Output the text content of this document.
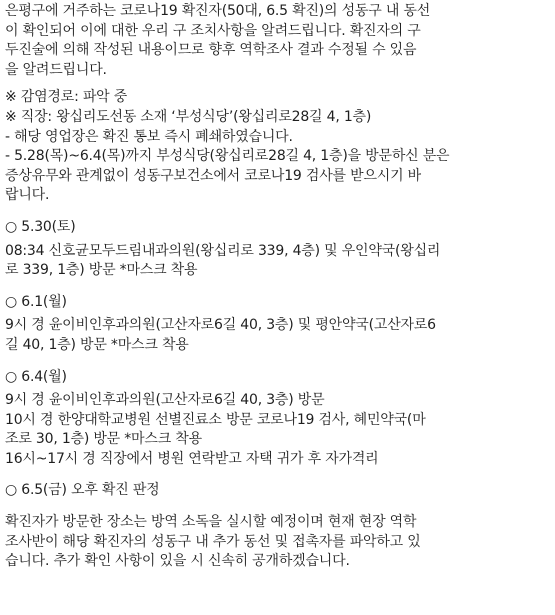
은평구에 거주하는 코로나19 확진자(50대, 6.5 확진)의 성동구 내 동선
이 확인되어 이에 대한 우리 구 조치사항을 알려드립니다. 확진자의 구
두진술에 의해 작성된 내용이므로 향후 역학조사 결과 수정될 수 있음
을 알려드립니다.
※ 감염경로: 파악 중
※ 직장: 왕십리도선동 소재 ‘부성식당’(왕십리로28길 4, 1층)
- 해당 영업장은 확진 통보 즉시 폐쇄하였습니다.
- 5.28(목)~6.4(목)까지 부성식당(왕십리로28길 4, 1층)을 방문하신 분은
증상유무와 관계없이 성동구보건소에서 코로나19 검사를 받으시기 바
랍니다.
○ 5.30(토)
08:34 신호균모두드림내과의원(왕십리로 339, 4층) 및 우인약국(왕십리
로 339, 1층) 방문 *마스크 착용
○ 6.1(월)
9시 경 윤이비인후과의원(고산자로6길 40, 3층) 및 평안약국(고산자로6
길 40, 1층) 방문 *마스크 착용
○ 6.4(월)
9시 경 윤이비인후과의원(고산자로6길 40, 3층) 방문
10시 경 한양대학교병원 선별진료소 방문 코로나19 검사, 혜민약국(마
조로 30, 1층) 방문 *마스크 착용
16시~17시 경 직장에서 병원 연락받고 자택 귀가 후 자가격리
○ 6.5(금) 오후 확진 판정
확진자가 방문한 장소는 방역 소독을 실시할 예정이며 현재 현장 역학
조사반이 해당 확진자의 성동구 내 추가 동선 및 접촉자를 파악하고 있
습니다. 추가 확인 사항이 있을 시 신속히 공개하겠습니다.
